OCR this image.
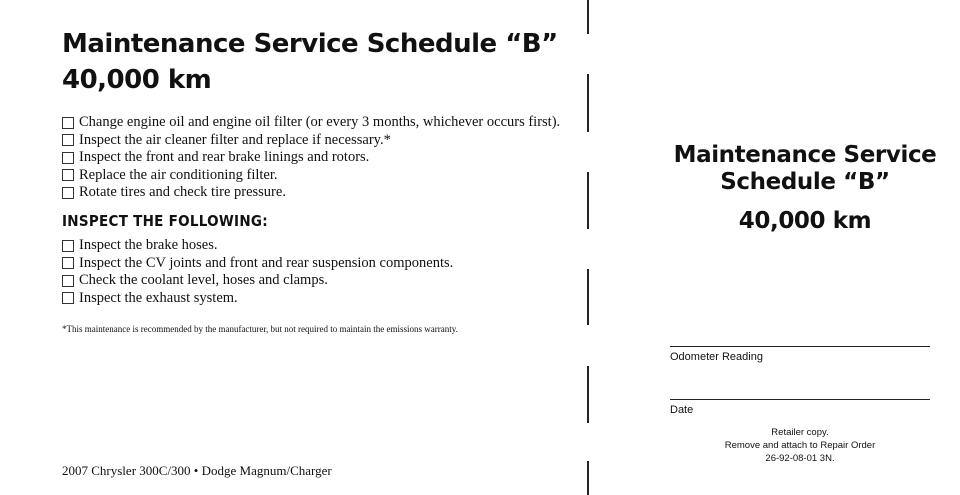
Maintenance Service Schedule “B”
40,000 km
Change engine oil and engine oil filter (or every 3 months, whichever occurs first).
Inspect the air cleaner filter and replace if necessary.*
Inspect the front and rear brake linings and rotors.
Replace the air conditioning filter.
Rotate tires and check tire pressure.
INSPECT THE FOLLOWING:
Inspect the brake hoses.
Inspect the CV joints and front and rear suspension components.
Check the coolant level, hoses and clamps.
Inspect the exhaust system.

*This maintenance is recommended by the manufacturer, but not required to maintain the emissions warranty.

2007 Chrysler 300C/300 • Dodge Magnum/Charger

Maintenance Service
Schedule “B”
40,000 km

Odometer Reading

Date

Retailer copy.
Remove and attach to Repair Order
26-92-08-01 3N.
